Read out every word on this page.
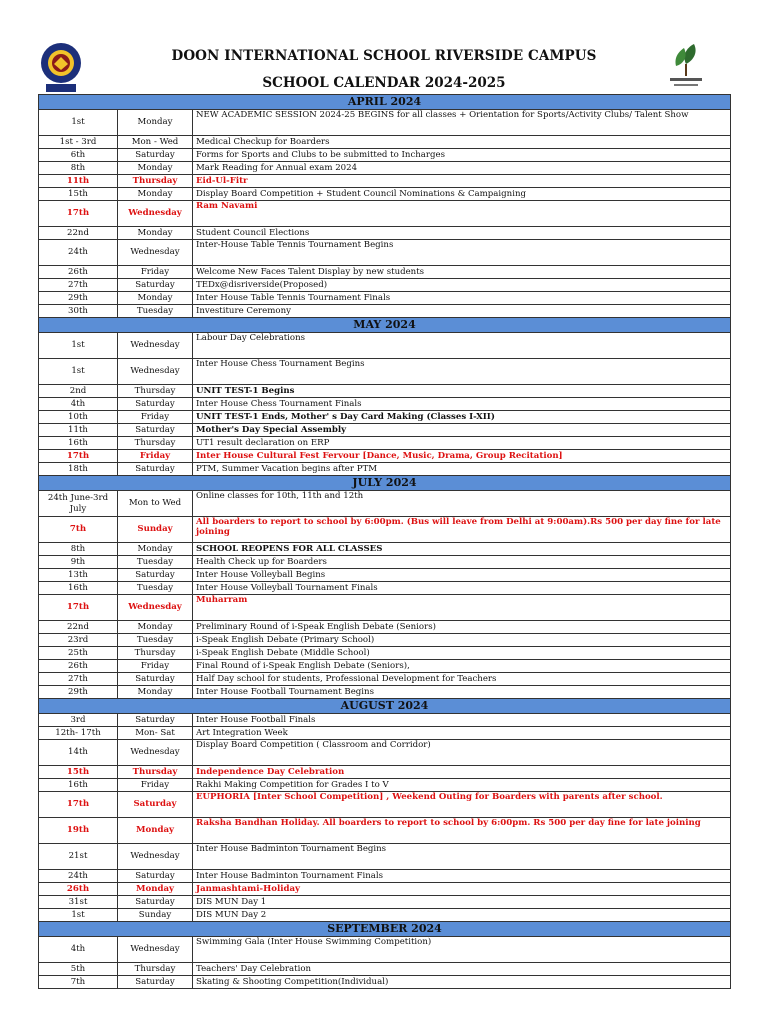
DOON INTERNATIONAL SCHOOL RIVERSIDE CAMPUS
SCHOOL CALENDAR 2024-2025
APRIL 2024		
1st	Monday	NEW ACADEMIC SESSION 2024-25 BEGINS for all classes + Orientation for Sports/Activity Clubs/ Talent Show
1st - 3rd	Mon - Wed	Medical Checkup for Boarders
6th	Saturday	Forms for Sports and Clubs to be submitted to Incharges
8th	Monday	Mark Reading for Annual exam 2024
11th	Thursday	Eid-Ul-Fitr
15th	Monday	Display Board Competition + Student Council Nominations & Campaigning
17th	Wednesday	Ram Navami
22nd	Monday	Student Council Elections
24th	Wednesday	Inter-House Table Tennis Tournament Begins
26th	Friday	Welcome New Faces Talent Display by new students
27th	Saturday	TEDx@disriverside(Proposed)
29th	Monday	Inter House Table Tennis Tournament Finals
30th	Tuesday	Investiture Ceremony
MAY 2024		
1st	Wednesday	Labour Day Celebrations
1st	Wednesday	Inter House Chess Tournament Begins
2nd	Thursday	UNIT TEST-1 Begins
4th	Saturday	Inter House Chess Tournament Finals
10th	Friday	UNIT TEST-1 Ends, Mother' s Day Card Making (Classes I-XII)
11th	Saturday	Mother's Day Special Assembly
16th	Thursday	UT1 result declaration on ERP
17th	Friday	Inter House Cultural Fest Fervour [Dance, Music, Drama, Group Recitation]
18th	Saturday	PTM, Summer Vacation begins after PTM
JULY 2024		
24th June-3rd July	Mon to Wed	Online classes for 10th, 11th and 12th
7th	Sunday	All boarders to report to school by 6:00pm. (Bus will leave from Delhi at 9:00am).Rs 500 per day fine for late joining
8th	Monday	SCHOOL REOPENS FOR ALL CLASSES
9th	Tuesday	Health Check up for Boarders
13th	Saturday	Inter House Volleyball Begins
16th	Tuesday	Inter House Volleyball Tournament Finals
17th	Wednesday	Muharram
22nd	Monday	Preliminary Round of i-Speak English Debate (Seniors)
23rd	Tuesday	i-Speak English Debate (Primary School)
25th	Thursday	i-Speak English Debate (Middle School)
26th	Friday	Final Round of i-Speak English Debate (Seniors),
27th	Saturday	Half Day school for students, Professional Development for Teachers
29th	Monday	Inter House Football Tournament Begins
AUGUST 2024		
3rd	Saturday	Inter House Football Finals
12th- 17th	Mon- Sat	Art Integration Week
14th	Wednesday	Display Board Competition ( Classroom and Corridor)
15th	Thursday	Independence Day Celebration
16th	Friday	Rakhi Making Competition for Grades I to V
17th	Saturday	EUPHORIA [Inter School Competition] , Weekend Outing for Boarders with parents after school.
19th	Monday	Raksha Bandhan Holiday. All boarders to report to school by 6:00pm. Rs 500 per day fine for late joining
21st	Wednesday	Inter House Badminton Tournament Begins
24th	Saturday	Inter House Badminton Tournament Finals
26th	Monday	Janmashtami-Holiday
31st	Saturday	DIS MUN Day 1
1st	Sunday	DIS MUN Day 2
SEPTEMBER 2024		
4th	Wednesday	Swimming Gala (Inter House Swimming Competition)
5th	Thursday	Teachers' Day Celebration
7th	Saturday	Skating & Shooting Competition(Individual)
